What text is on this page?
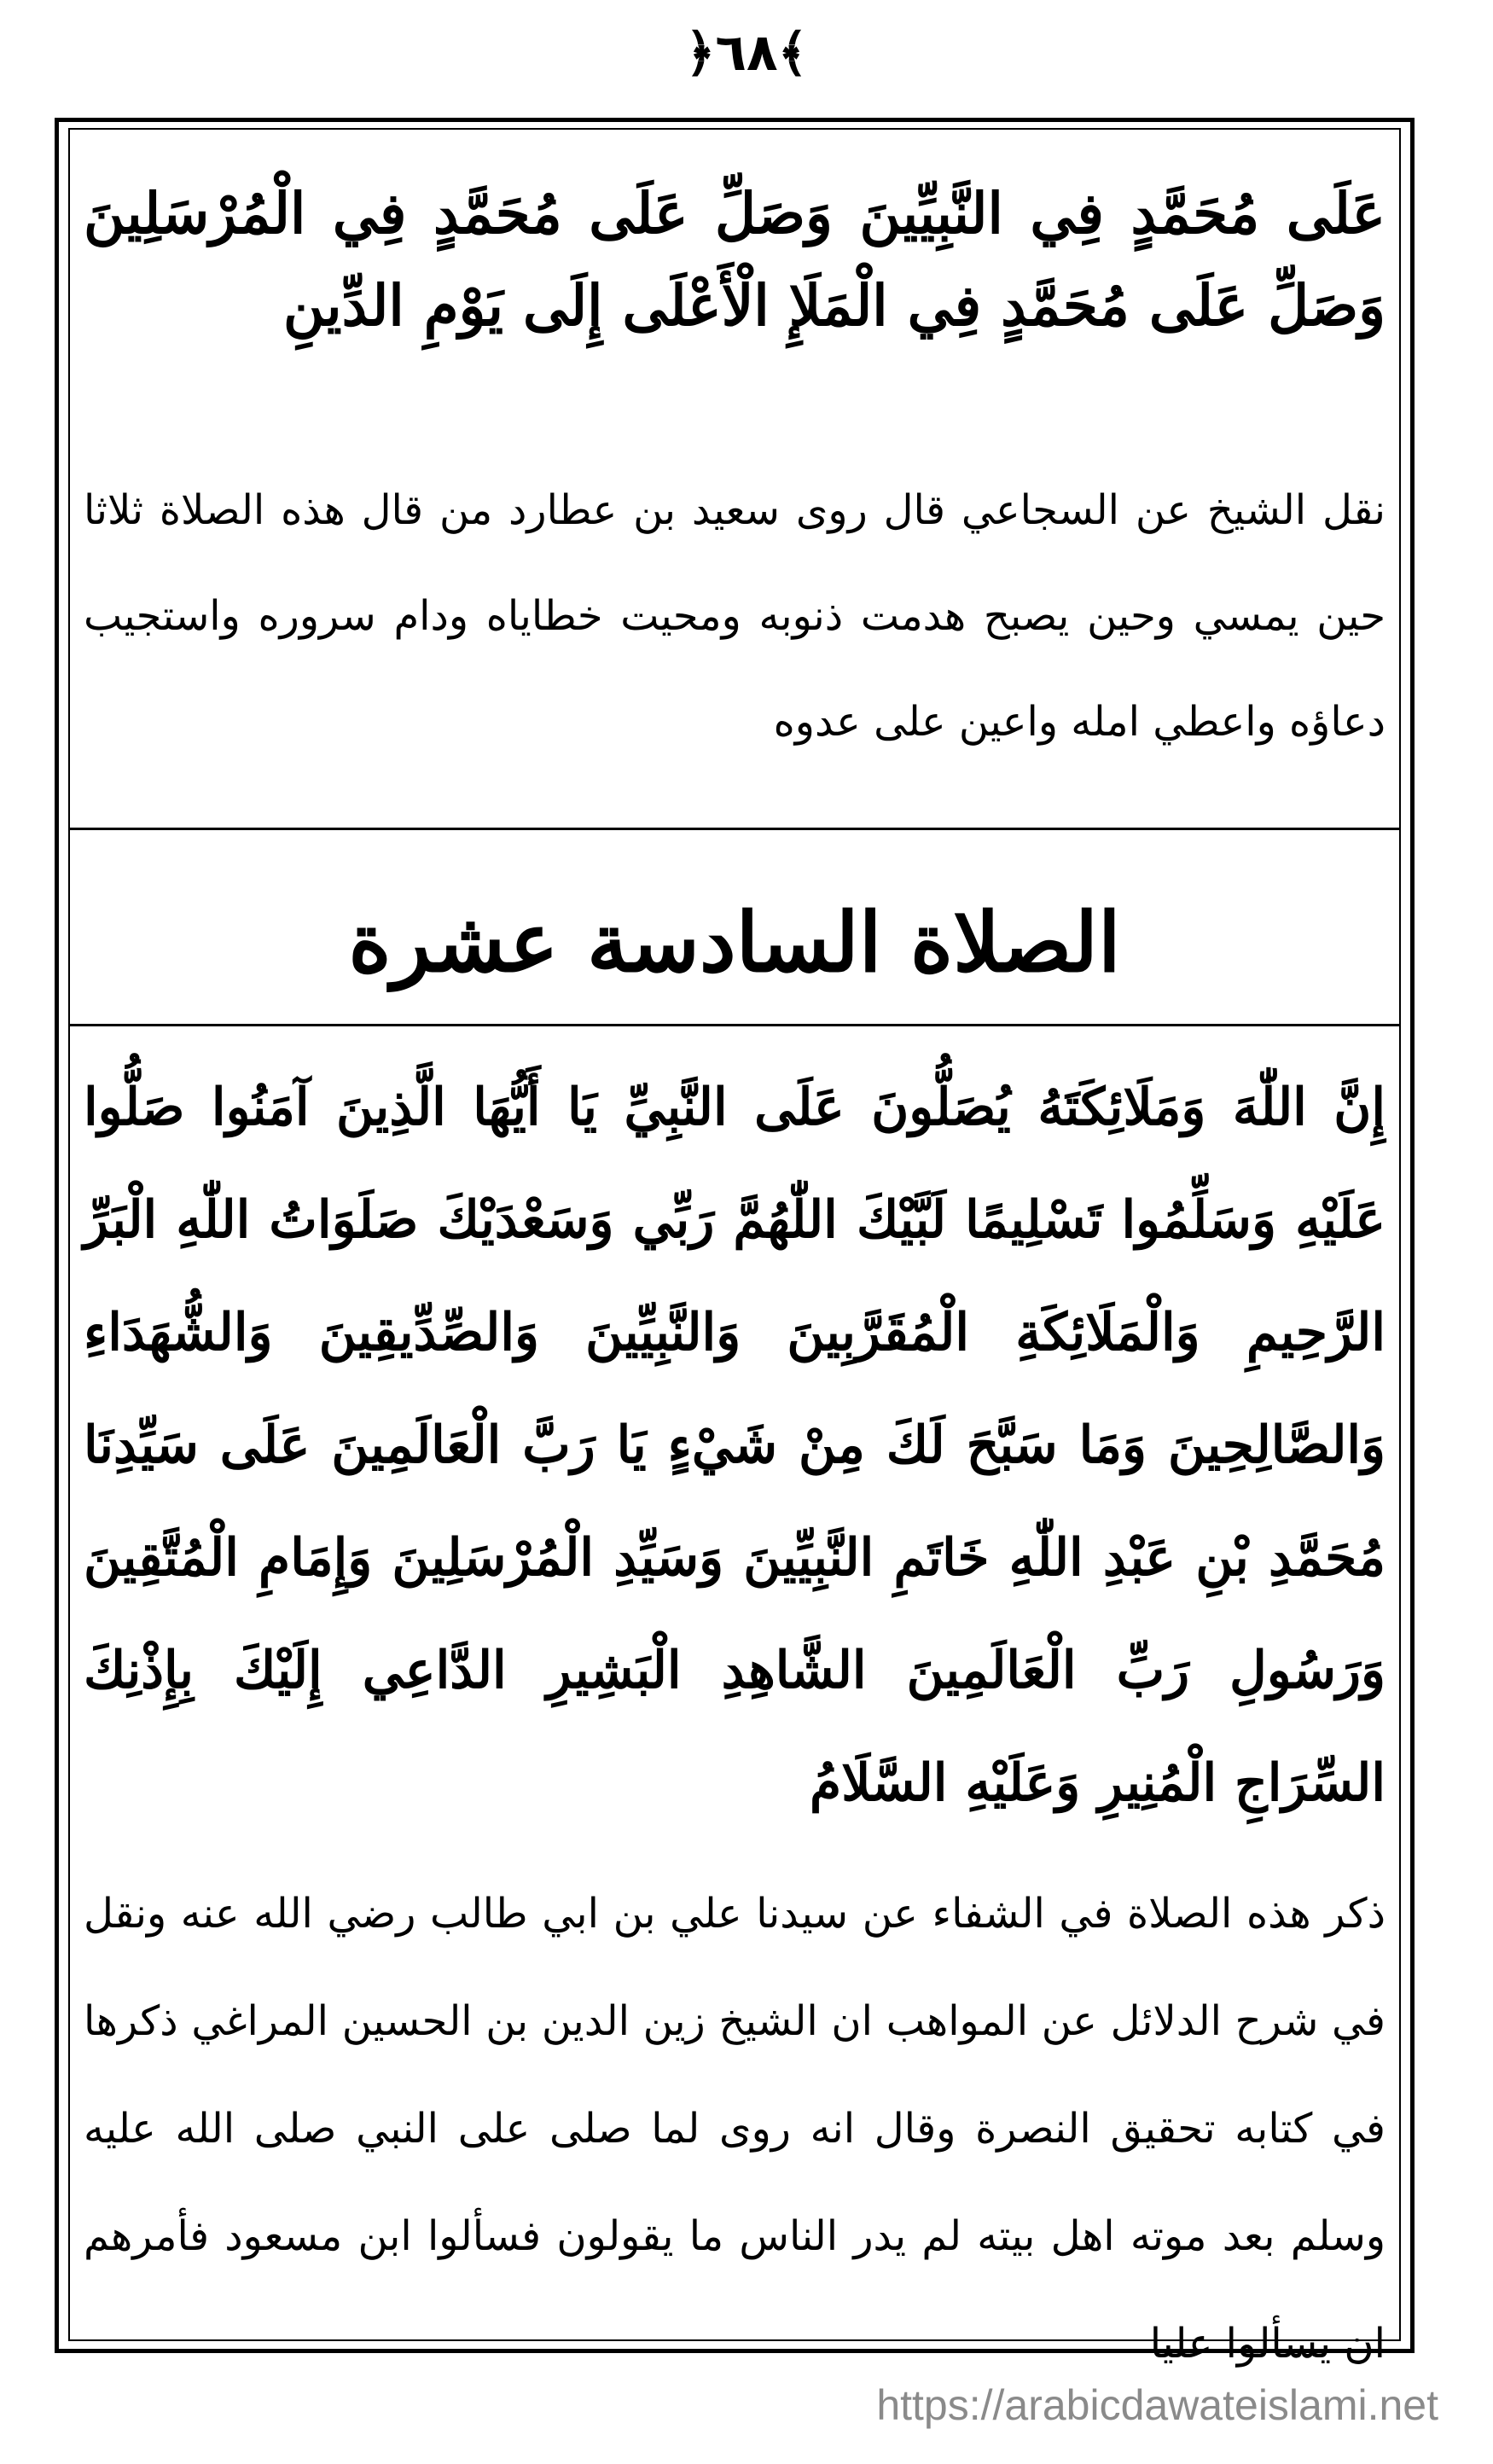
﴿٦٨﴾

عَلَى مُحَمَّدٍ فِي النَّبِيِّينَ وَصَلِّ عَلَى مُحَمَّدٍ فِي الْمُرْسَلِينَ وَصَلِّ عَلَى مُحَمَّدٍ فِي الْمَلَإِ الْأَعْلَى إِلَى يَوْمِ الدِّينِ

نقل الشيخ عن السجاعي قال روى سعيد بن عطارد من قال هذه الصلاة ثلاثا حين يمسي وحين يصبح هدمت ذنوبه ومحيت خطاياه ودام سروره واستجيب دعاؤه واعطي امله واعين على عدوه

الصلاة السادسة عشرة

إِنَّ اللّٰهَ وَمَلَائِكَتَهُ يُصَلُّونَ عَلَى النَّبِيِّ يَا أَيُّهَا الَّذِينَ آمَنُوا صَلُّوا عَلَيْهِ وَسَلِّمُوا تَسْلِيمًا لَبَّيْكَ اللّٰهُمَّ رَبِّي وَسَعْدَيْكَ صَلَوَاتُ اللّٰهِ الْبَرِّ الرَّحِيمِ وَالْمَلَائِكَةِ الْمُقَرَّبِينَ وَالنَّبِيِّينَ وَالصِّدِّيقِينَ وَالشُّهَدَاءِ وَالصَّالِحِينَ وَمَا سَبَّحَ لَكَ مِنْ شَيْءٍ يَا رَبَّ الْعَالَمِينَ عَلَى سَيِّدِنَا مُحَمَّدِ بْنِ عَبْدِ اللّٰهِ خَاتَمِ النَّبِيِّينَ وَسَيِّدِ الْمُرْسَلِينَ وَإِمَامِ الْمُتَّقِينَ وَرَسُولِ رَبِّ الْعَالَمِينَ الشَّاهِدِ الْبَشِيرِ الدَّاعِي إِلَيْكَ بِإِذْنِكَ السِّرَاجِ الْمُنِيرِ وَعَلَيْهِ السَّلَامُ

ذكر هذه الصلاة في الشفاء عن سيدنا علي بن ابي طالب رضي الله عنه ونقل في شرح الدلائل عن المواهب ان الشيخ زين الدين بن الحسين المراغي ذكرها في كتابه تحقيق النصرة وقال انه روى لما صلى على النبي صلى الله عليه وسلم بعد موته اهل بيته لم يدر الناس ما يقولون فسألوا ابن مسعود فأمرهم ان يسألوا عليا

https://arabicdawateislami.net
